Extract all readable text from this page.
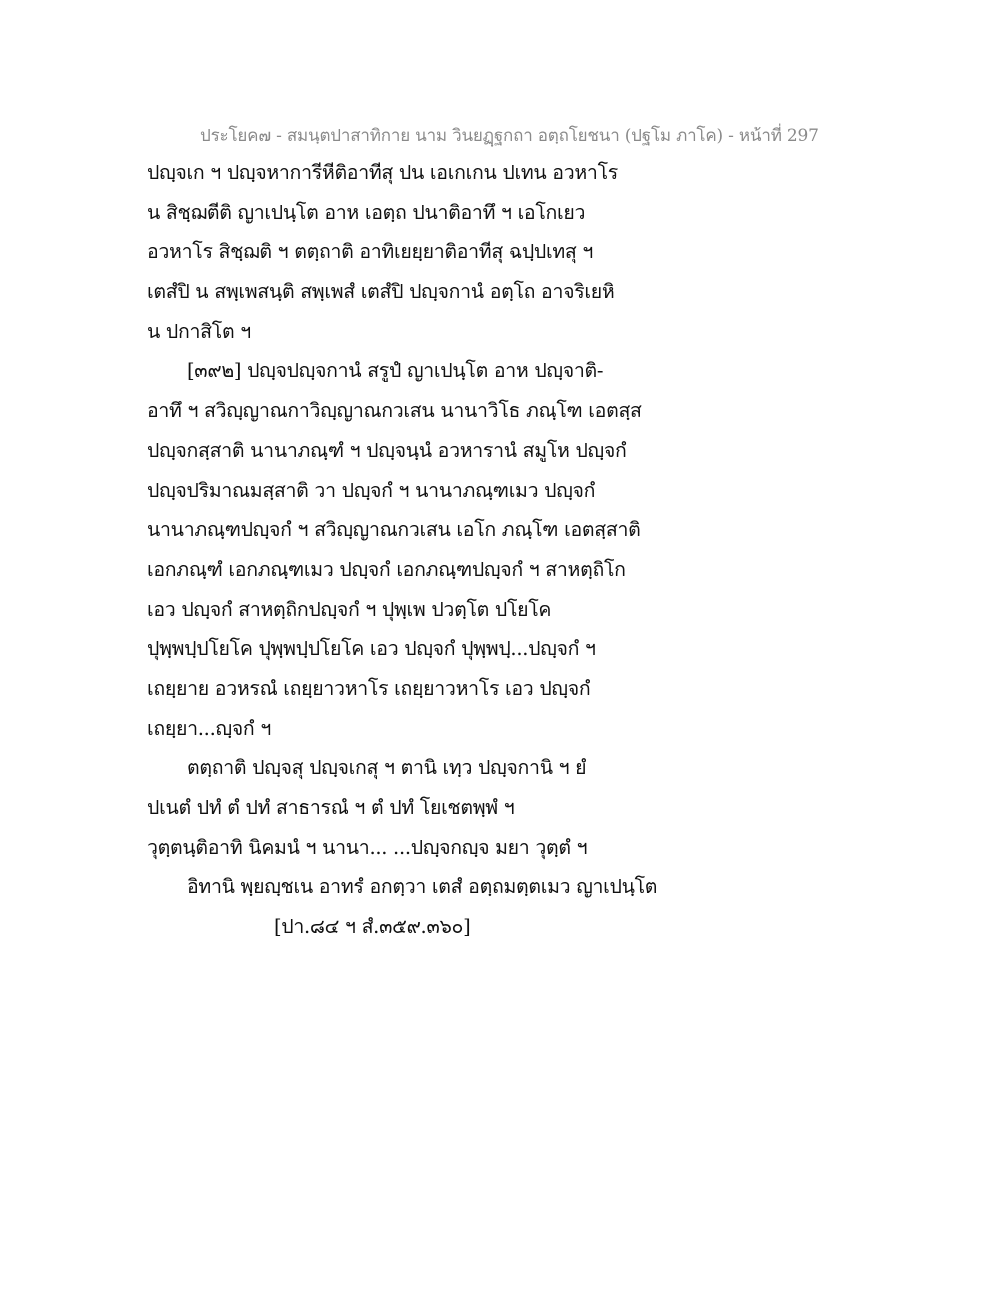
ประโยค๗ - สมนฺตปาสาทิกาย นาม วินยฏฺฐกถา อตฺถโยชนา (ปฐโม ภาโค) - หน้าที่ 297
ปญฺจเก ฯ ปญฺจหาการีหีติอาทีสุ ปน เอเกเกน ปเทน อวหาโร
น สิชฺฌตีติ ญาเปนฺโต อาห เอตฺถ ปนาติอาทึ ฯ เอโกเยว
อวหาโร สิชฺฌติ ฯ ตตฺถาติ อาทิเยยฺยาติอาทีสุ ฉปฺปเทสุ ฯ
เตสํปิ น สพฺเพสนฺติ สพฺเพสํ เตสํปิ ปญฺจกานํ อตฺโถ อาจริเยหิ
น ปกาสิโต ฯ
[๓๙๒] ปญฺจปญฺจกานํ สรูปํ ญาเปนฺโต อาห ปญฺจาติ-
อาทึ ฯ สวิญฺญาณกาวิญฺญาณกวเสน นานาวิโธ ภณฺโฑ เอตสฺส
ปญฺจกสฺสาติ นานาภณฺฑํ ฯ ปญฺจนฺนํ อวหารานํ สมูโห ปญฺจกํ
ปญฺจปริมาณมสฺสาติ วา ปญฺจกํ ฯ นานาภณฺฑเมว ปญฺจกํ
นานาภณฺฑปญฺจกํ ฯ สวิญฺญาณกวเสน เอโก ภณฺโฑ เอตสฺสาติ
เอกภณฺฑํ เอกภณฺฑเมว ปญฺจกํ เอกภณฺฑปญฺจกํ ฯ สาหตฺถิโก
เอว ปญฺจกํ สาหตฺถิกปญฺจกํ ฯ ปุพฺเพ ปวตฺโต ปโยโค
ปุพฺพปฺปโยโค ปุพฺพปฺปโยโค เอว ปญฺจกํ ปุพฺพปฺ...ปญฺจกํ ฯ
เถยฺยาย อวหรณํ เถยฺยาวหาโร เถยฺยาวหาโร เอว ปญฺจกํ
เถยฺยา...ญฺจกํ ฯ
ตตฺถาติ ปญฺจสุ ปญฺจเกสุ ฯ ตานิ เทฺว ปญฺจกานิ ฯ ยํ
ปเนตํ ปทํ ตํ ปทํ สาธารณํ ฯ ตํ ปทํ โยเชตพฺพํ ฯ
วุตฺตนฺติอาทิ นิคมนํ ฯ นานา... ...ปญฺจกญฺจ มยา วุตฺตํ ฯ
อิทานิ พฺยญฺชเน อาทรํ อกตฺวา เตสํ อตฺถมตฺตเมว ญาเปนฺโต
[ปา.๘๔ ฯ สํ.๓๕๙.๓๖๐]
